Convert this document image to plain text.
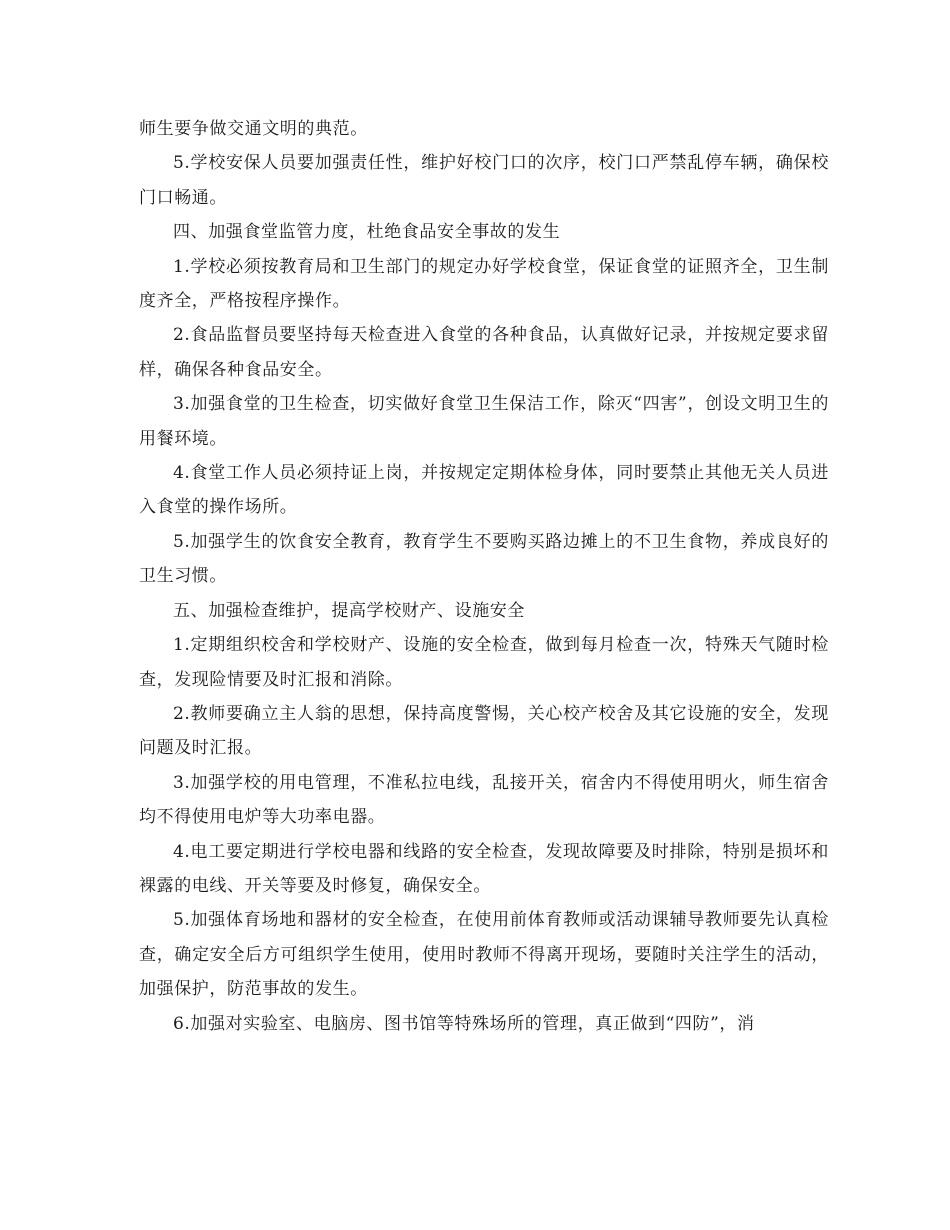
师生要争做交通文明的典范。

5.学校安保人员要加强责任性，维护好校门口的次序，校门口严禁乱停车辆，确保校门口畅通。

四、加强食堂监管力度，杜绝食品安全事故的发生

1.学校必须按教育局和卫生部门的规定办好学校食堂，保证食堂的证照齐全，卫生制度齐全，严格按程序操作。

2.食品监督员要坚持每天检查进入食堂的各种食品，认真做好记录，并按规定要求留样，确保各种食品安全。

3.加强食堂的卫生检查，切实做好食堂卫生保洁工作，除灭“四害”，创设文明卫生的用餐环境。

4.食堂工作人员必须持证上岗，并按规定定期体检身体，同时要禁止其他无关人员进入食堂的操作场所。

5.加强学生的饮食安全教育，教育学生不要购买路边摊上的不卫生食物，养成良好的卫生习惯。

五、加强检查维护，提高学校财产、设施安全

1.定期组织校舍和学校财产、设施的安全检查，做到每月检查一次，特殊天气随时检查，发现险情要及时汇报和消除。

2.教师要确立主人翁的思想，保持高度警惕，关心校产校舍及其它设施的安全，发现问题及时汇报。

3.加强学校的用电管理，不准私拉电线，乱接开关，宿舍内不得使用明火，师生宿舍均不得使用电炉等大功率电器。

4.电工要定期进行学校电器和线路的安全检查，发现故障要及时排除，特别是损坏和裸露的电线、开关等要及时修复，确保安全。

5.加强体育场地和器材的安全检查，在使用前体育教师或活动课辅导教师要先认真检查，确定安全后方可组织学生使用，使用时教师不得离开现场，要随时关注学生的活动，加强保护，防范事故的发生。

6.加强对实验室、电脑房、图书馆等特殊场所的管理，真正做到“四防”，消
